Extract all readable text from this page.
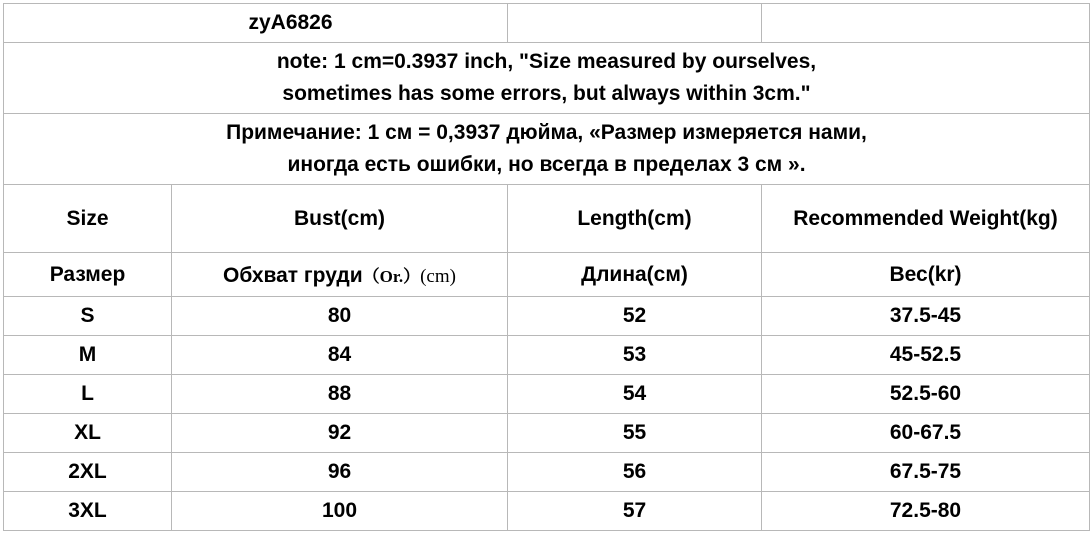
zyA6826			

note: 1 cm=0.3937 inch, "Size measured by ourselves,
sometimes has some errors, but always within 3cm."			

Примечание: 1 см = 0,3937 дюйма, «Размер измеряется нами,
иногда есть ошибки, но всегда в пределах 3 см ».			

Size	Bust(cm)	Length(cm)	Recommended Weight(kg)
Размер	Обхват груди（Or.）(cm)	Длина(см)	Вес(kr)
S	80	52	37.5-45
M	84	53	45-52.5
L	88	54	52.5-60
XL	92	55	60-67.5
2XL	96	56	67.5-75
3XL	100	57	72.5-80
